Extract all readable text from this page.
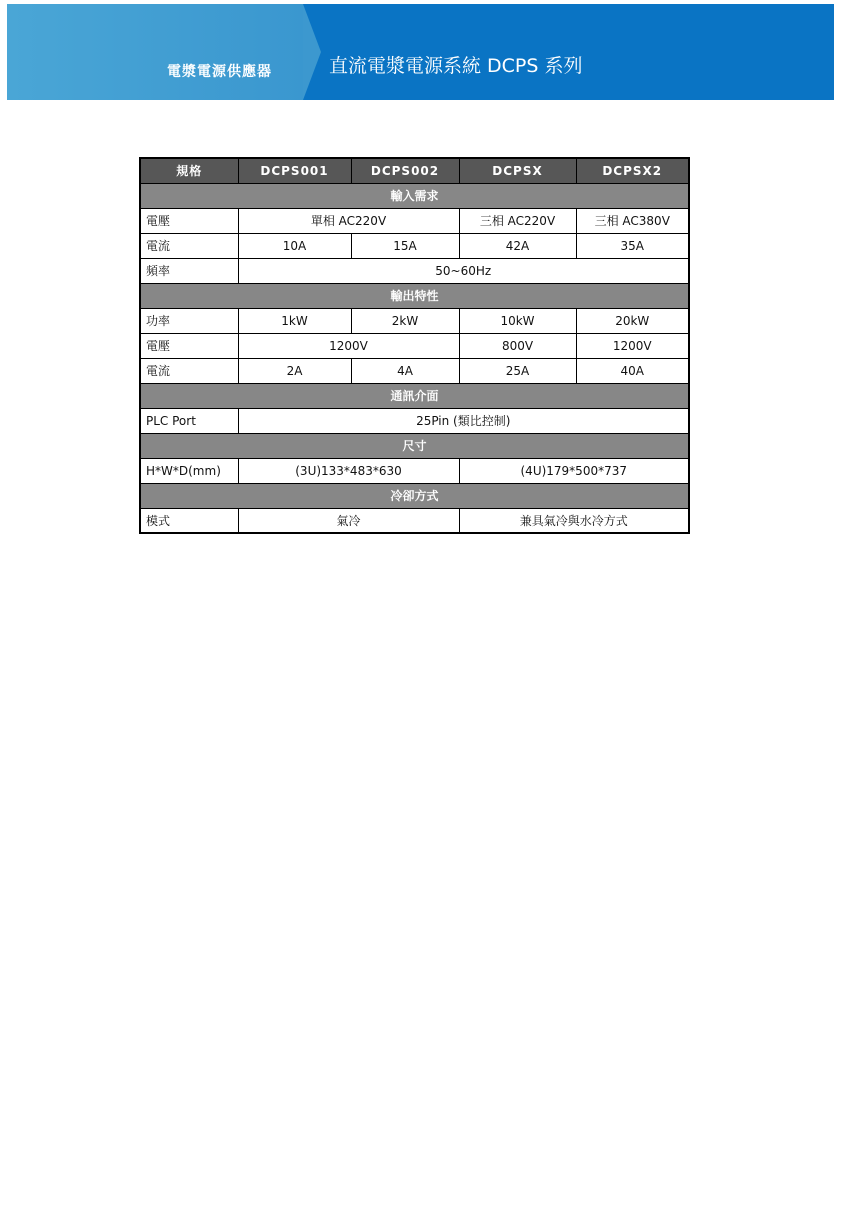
電漿電源供應器	直流電漿電源系統 DCPS 系列
規格	DCPS001	DCPS002	DCPSX	DCPSX2
輸入需求				
電壓	單相 AC220V		三相 AC220V	三相 AC380V
電流	10A	15A	42A	35A
頻率	50~60Hz			
輸出特性				
功率	1kW	2kW	10kW	20kW
電壓	1200V		800V	1200V
電流	2A	4A	25A	40A
通訊介面				
PLC Port	25Pin (類比控制)			
尺寸				
H*W*D(mm)	(3U)133*483*630		(4U)179*500*737	
冷卻方式				
模式	氣冷		兼具氣冷與水冷方式	
